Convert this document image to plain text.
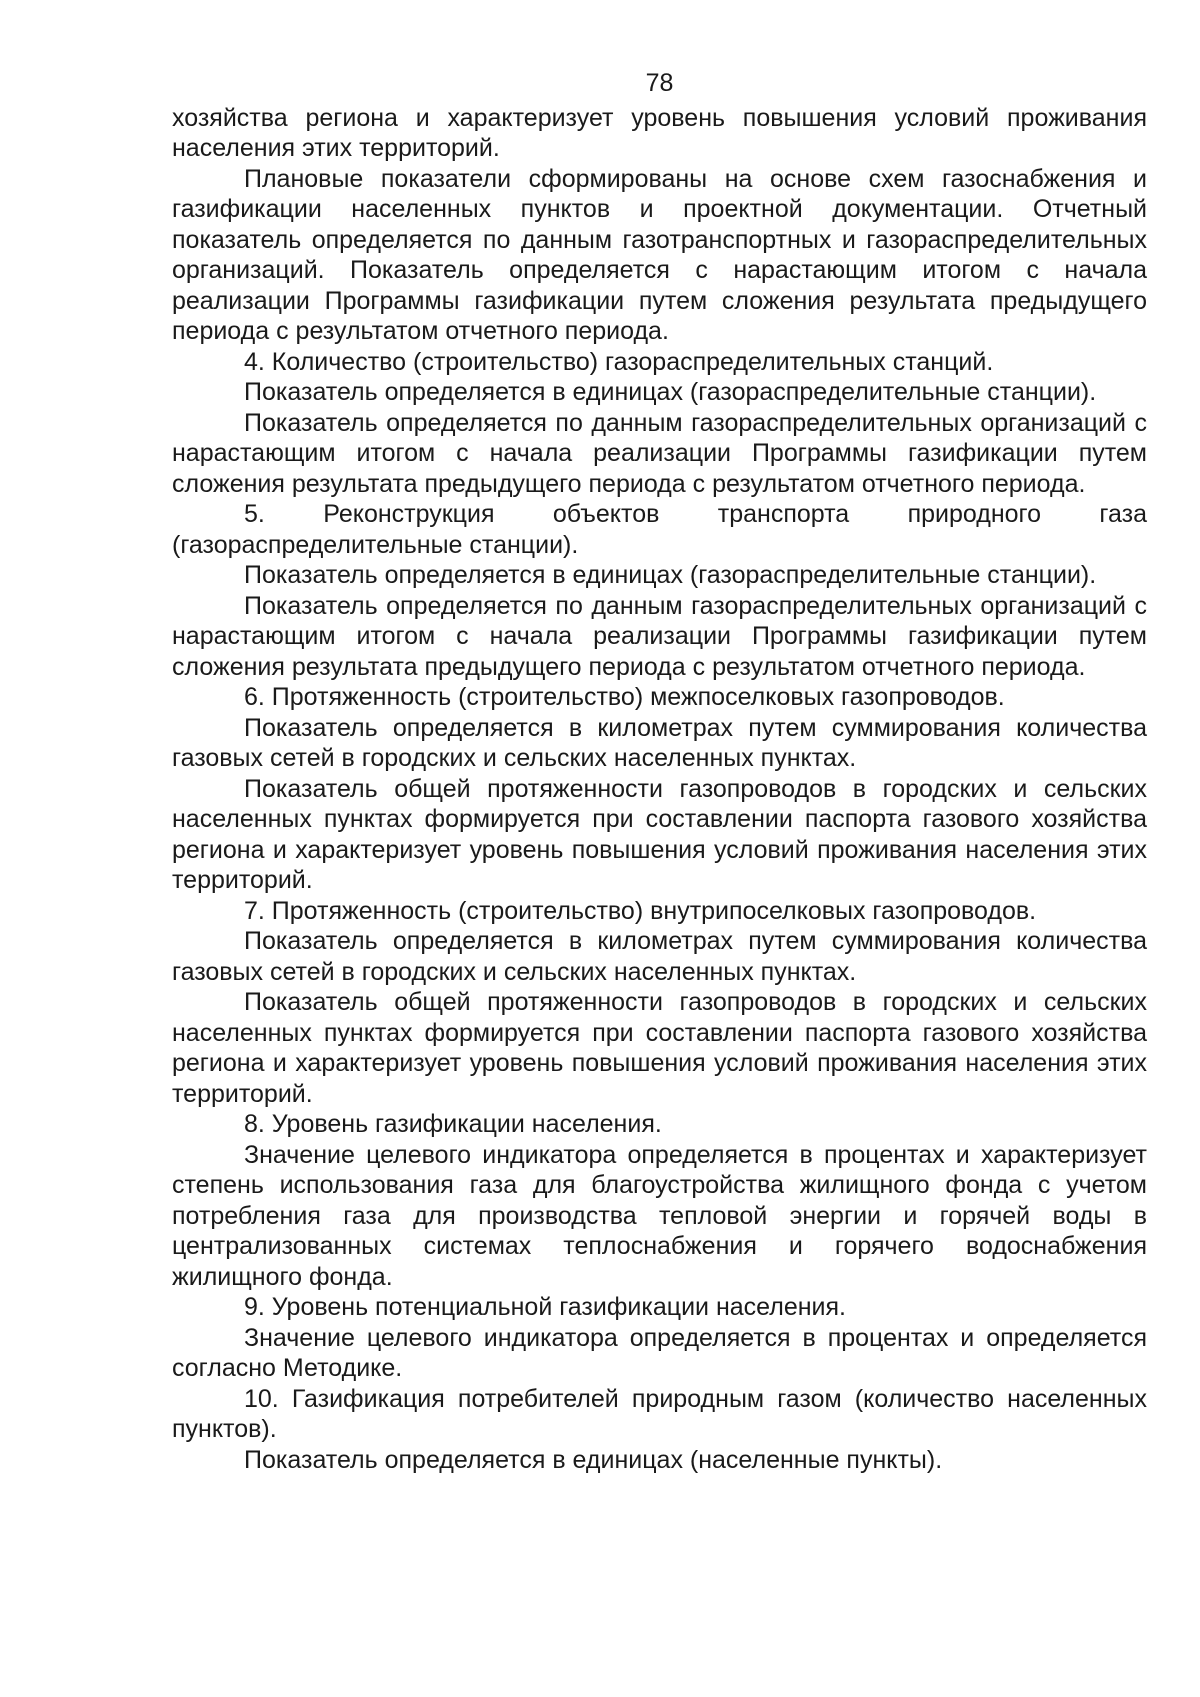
78

хозяйства региона и характеризует уровень повышения условий проживания населения этих территорий.

Плановые показатели сформированы на основе схем газоснабжения и газификации населенных пунктов и проектной документации. Отчетный показатель определяется по данным газотранспортных и газораспределительных организаций. Показатель определяется с нарастающим итогом с начала реализации Программы газификации путем сложения результата предыдущего периода с результатом отчетного периода.

4. Количество (строительство) газораспределительных станций.

Показатель определяется в единицах (газораспределительные станции).

Показатель определяется по данным газораспределительных организаций с нарастающим итогом с начала реализации Программы газификации путем сложения результата предыдущего периода с результатом отчетного периода.

5. Реконструкция объектов транспорта природного газа (газораспределительные станции).

Показатель определяется в единицах (газораспределительные станции).

Показатель определяется по данным газораспределительных организаций с нарастающим итогом с начала реализации Программы газификации путем сложения результата предыдущего периода с результатом отчетного периода.

6. Протяженность (строительство) межпоселковых газопроводов.

Показатель определяется в километрах путем суммирования количества газовых сетей в городских и сельских населенных пунктах.

Показатель общей протяженности газопроводов в городских и сельских населенных пунктах формируется при составлении паспорта газового хозяйства региона и характеризует уровень повышения условий проживания населения этих территорий.

7. Протяженность (строительство) внутрипоселковых газопроводов.

Показатель определяется в километрах путем суммирования количества газовых сетей в городских и сельских населенных пунктах.

Показатель общей протяженности газопроводов в городских и сельских населенных пунктах формируется при составлении паспорта газового хозяйства региона и характеризует уровень повышения условий проживания населения этих территорий.

8. Уровень газификации населения.

Значение целевого индикатора определяется в процентах и характеризует степень использования газа для благоустройства жилищного фонда с учетом потребления газа для производства тепловой энергии и горячей воды в централизованных системах теплоснабжения и горячего водоснабжения жилищного фонда.

9. Уровень потенциальной газификации населения.

Значение целевого индикатора определяется в процентах и определяется согласно Методике.

10. Газификация потребителей природным газом (количество населенных пунктов).

Показатель определяется в единицах (населенные пункты).
